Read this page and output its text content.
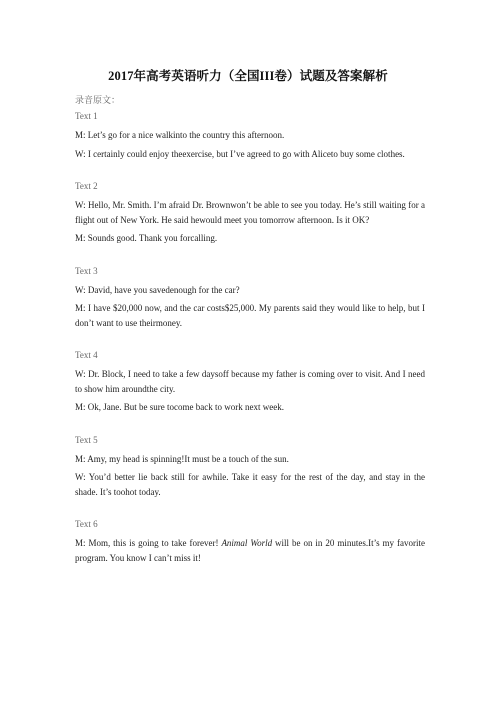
2017年高考英语听力（全国III卷）试题及答案解析
录音原文：
Text 1
M: Let’s go for a nice walkinto the country this afternoon.
W: I certainly could enjoy theexercise, but I’ve agreed to go with Aliceto buy some clothes.
Text 2
W: Hello, Mr. Smith. I’m afraid Dr. Brownwon’t be able to see you today. He’s still waiting for a flight out of New York. He said hewould meet you tomorrow afternoon. Is it OK?
M: Sounds good. Thank you forcalling.
Text 3
W: David, have you savedenough for the car?
M: I have $20,000 now, and the car costs$25,000. My parents said they would like to help, but I don’t want to use theirmoney.
Text 4
W: Dr. Block, I need to take a few daysoff because my father is coming over to visit. And I need to show him aroundthe city.
M: Ok, Jane. But be sure tocome back to work next week.
Text 5
M: Amy, my head is spinning!It must be a touch of the sun.
W: You’d better lie back still for awhile. Take it easy for the rest of the day, and stay in the shade. It’s toohot today.
Text 6
M: Mom, this is going to take forever! Animal World will be on in 20 minutes.It’s my favorite program. You know I can’t miss it!
